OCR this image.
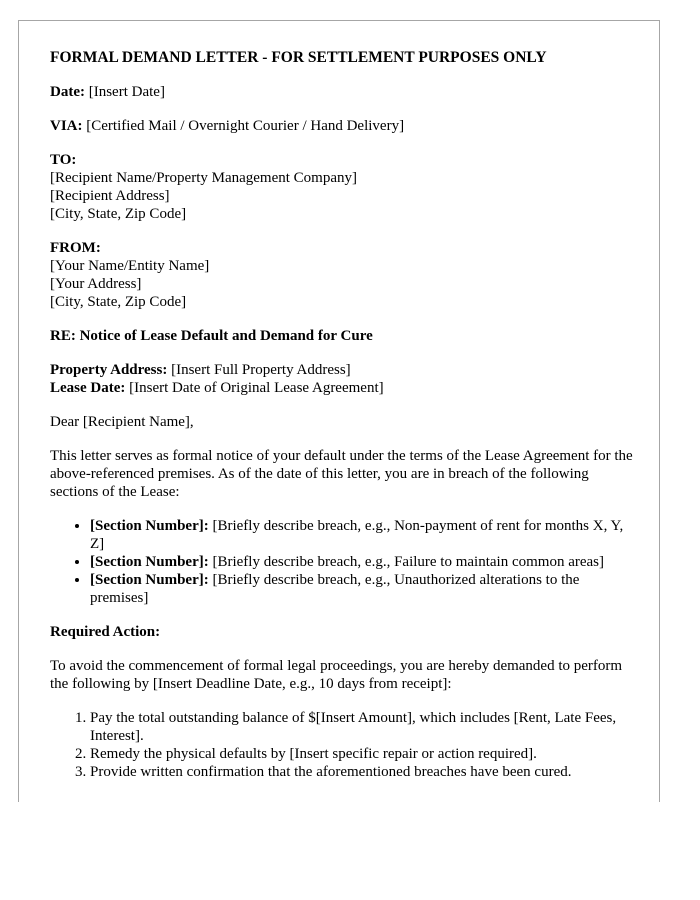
FORMAL DEMAND LETTER - FOR SETTLEMENT PURPOSES ONLY

Date: [Insert Date]

VIA: [Certified Mail / Overnight Courier / Hand Delivery]

TO:
[Recipient Name/Property Management Company]
[Recipient Address]
[City, State, Zip Code]
FROM:
[Your Name/Entity Name]
[Your Address]
[City, State, Zip Code]

RE: Notice of Lease Default and Demand for Cure

Property Address: [Insert Full Property Address]
Lease Date: [Insert Date of Original Lease Agreement]

Dear [Recipient Name],

This letter serves as formal notice of your default under the terms of the Lease Agreement for the above-referenced premises. As of the date of this letter, you are in breach of the following sections of the Lease:

• [Section Number]: [Briefly describe breach, e.g., Non-payment of rent for months X, Y, Z]
• [Section Number]: [Briefly describe breach, e.g., Failure to maintain common areas]
• [Section Number]: [Briefly describe breach, e.g., Unauthorized alterations to the premises]

Required Action:

To avoid the commencement of formal legal proceedings, you are hereby demanded to perform the following by [Insert Deadline Date, e.g., 10 days from receipt]:

1. Pay the total outstanding balance of $[Insert Amount], which includes [Rent, Late Fees, Interest].
2. Remedy the physical defaults by [Insert specific repair or action required].
3. Provide written confirmation that the aforementioned breaches have been cured.
